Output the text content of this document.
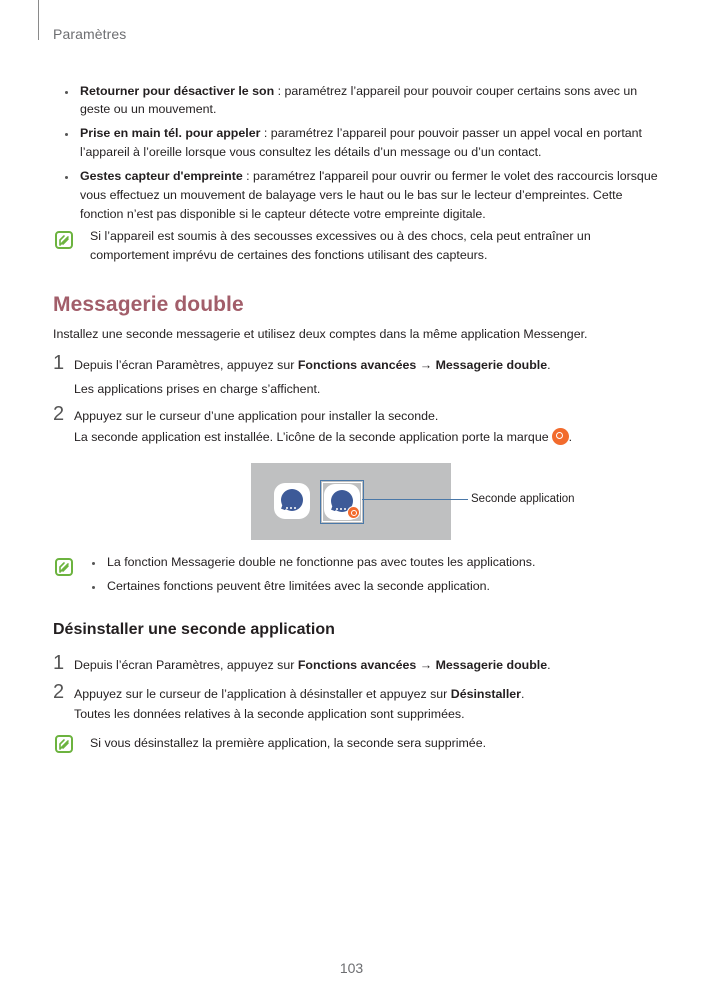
Paramètres
Retourner pour désactiver le son : paramétrez l’appareil pour pouvoir couper certains sons avec un
geste ou un mouvement.
Prise en main tél. pour appeler : paramétrez l’appareil pour pouvoir passer un appel vocal en portant
l’appareil à l’oreille lorsque vous consultez les détails d’un message ou d’un contact.
Gestes capteur d'empreinte : paramétrez l'appareil pour ouvrir ou fermer le volet des raccourcis lorsque
vous effectuez un mouvement de balayage vers le haut ou le bas sur le lecteur d’empreintes. Cette
fonction n’est pas disponible si le capteur détecte votre empreinte digitale.
Si l’appareil est soumis à des secousses excessives ou à des chocs, cela peut entraîner un
comportement imprévu de certaines des fonctions utilisant des capteurs.
Messagerie double
Installez une seconde messagerie et utilisez deux comptes dans la même application Messenger.
1 Depuis l’écran Paramètres, appuyez sur Fonctions avancées → Messagerie double.
Les applications prises en charge s’affichent.
2 Appuyez sur le curseur d’une application pour installer la seconde.
La seconde application est installée. L’icône de la seconde application porte la marque .
Seconde application
La fonction Messagerie double ne fonctionne pas avec toutes les applications.
Certaines fonctions peuvent être limitées avec la seconde application.
Désinstaller une seconde application
1 Depuis l’écran Paramètres, appuyez sur Fonctions avancées → Messagerie double.
2 Appuyez sur le curseur de l’application à désinstaller et appuyez sur Désinstaller.
Toutes les données relatives à la seconde application sont supprimées.
Si vous désinstallez la première application, la seconde sera supprimée.
103
